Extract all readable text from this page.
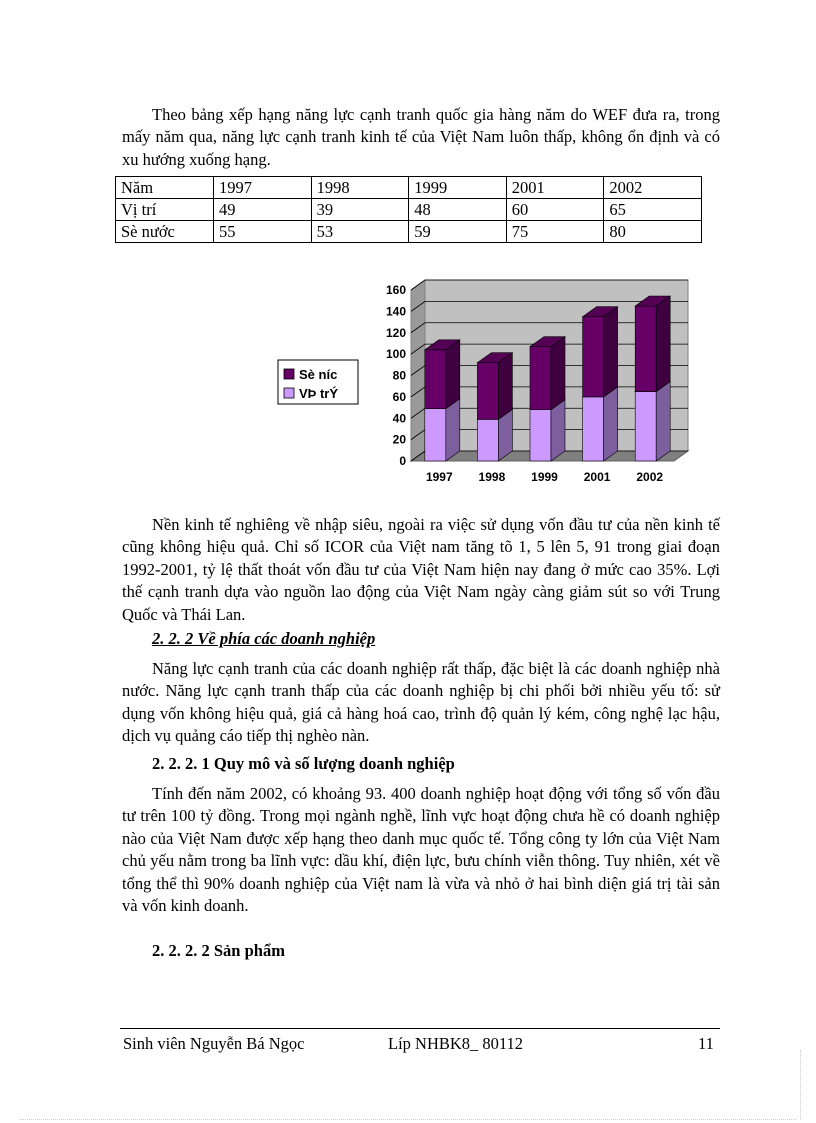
Theo bảng xếp hạng năng lực cạnh tranh quốc gia hàng năm do WEF đưa ra, trong mấy năm qua, năng lực cạnh tranh kinh tế của Việt Nam luôn thấp, không ổn định và có xu hướng xuống hạng.

Năm	1997	1998	1999	2001	2002
Vị trí	49	39	48	60	65
Sè nước	55	53	59	75	80
0
20
40
60
80
100
120
140
160
1997 1998 1999 2001 2002
Sè níc
VÞ trÝ

Nền kinh tế nghiêng về nhập siêu, ngoài ra việc sử dụng vốn đầu tư của nền kinh tế cũng không hiệu quả. Chỉ số ICOR của Việt nam tăng tõ 1, 5 lên 5, 91 trong giai đoạn 1992-2001, tỷ lệ thất thoát vốn đầu tư của Việt Nam hiện nay đang ở mức cao 35%. Lợi thế cạnh tranh dựa vào nguồn lao động của Việt Nam ngày càng giảm sút so với Trung Quốc và Thái Lan.

2. 2. 2 Về phía các doanh nghiệp

Năng lực cạnh tranh của các doanh nghiệp rất thấp, đặc biệt là các doanh nghiệp nhà nước. Năng lực cạnh tranh thấp của các doanh nghiệp bị chi phối bởi nhiều yếu tố: sử dụng vốn không hiệu quả, giá cả hàng hoá cao, trình độ quản lý kém, công nghệ lạc hậu, dịch vụ quảng cáo tiếp thị nghèo nàn.

2. 2. 2. 1 Quy mô và số lượng doanh nghiệp

Tính đến năm 2002, có khoảng 93. 400 doanh nghiệp hoạt động với tổng số vốn đầu tư trên 100 tỷ đồng. Trong mọi ngành nghề, lĩnh vực hoạt động chưa hề có doanh nghiệp nào của Việt Nam được xếp hạng theo danh mục quốc tế. Tổng công ty lớn của Việt Nam chủ yếu nằm trong ba lĩnh vực: dầu khí, điện lực, bưu chính viễn thông. Tuy nhiên, xét về tổng thể thì 90% doanh nghiệp của Việt nam là vừa và nhỏ ở hai bình diện giá trị tài sản và vốn kinh doanh.

2. 2. 2. 2 Sản phẩm

Sinh viên Nguyễn Bá Ngọc	Líp NHBK8_ 80112	11
